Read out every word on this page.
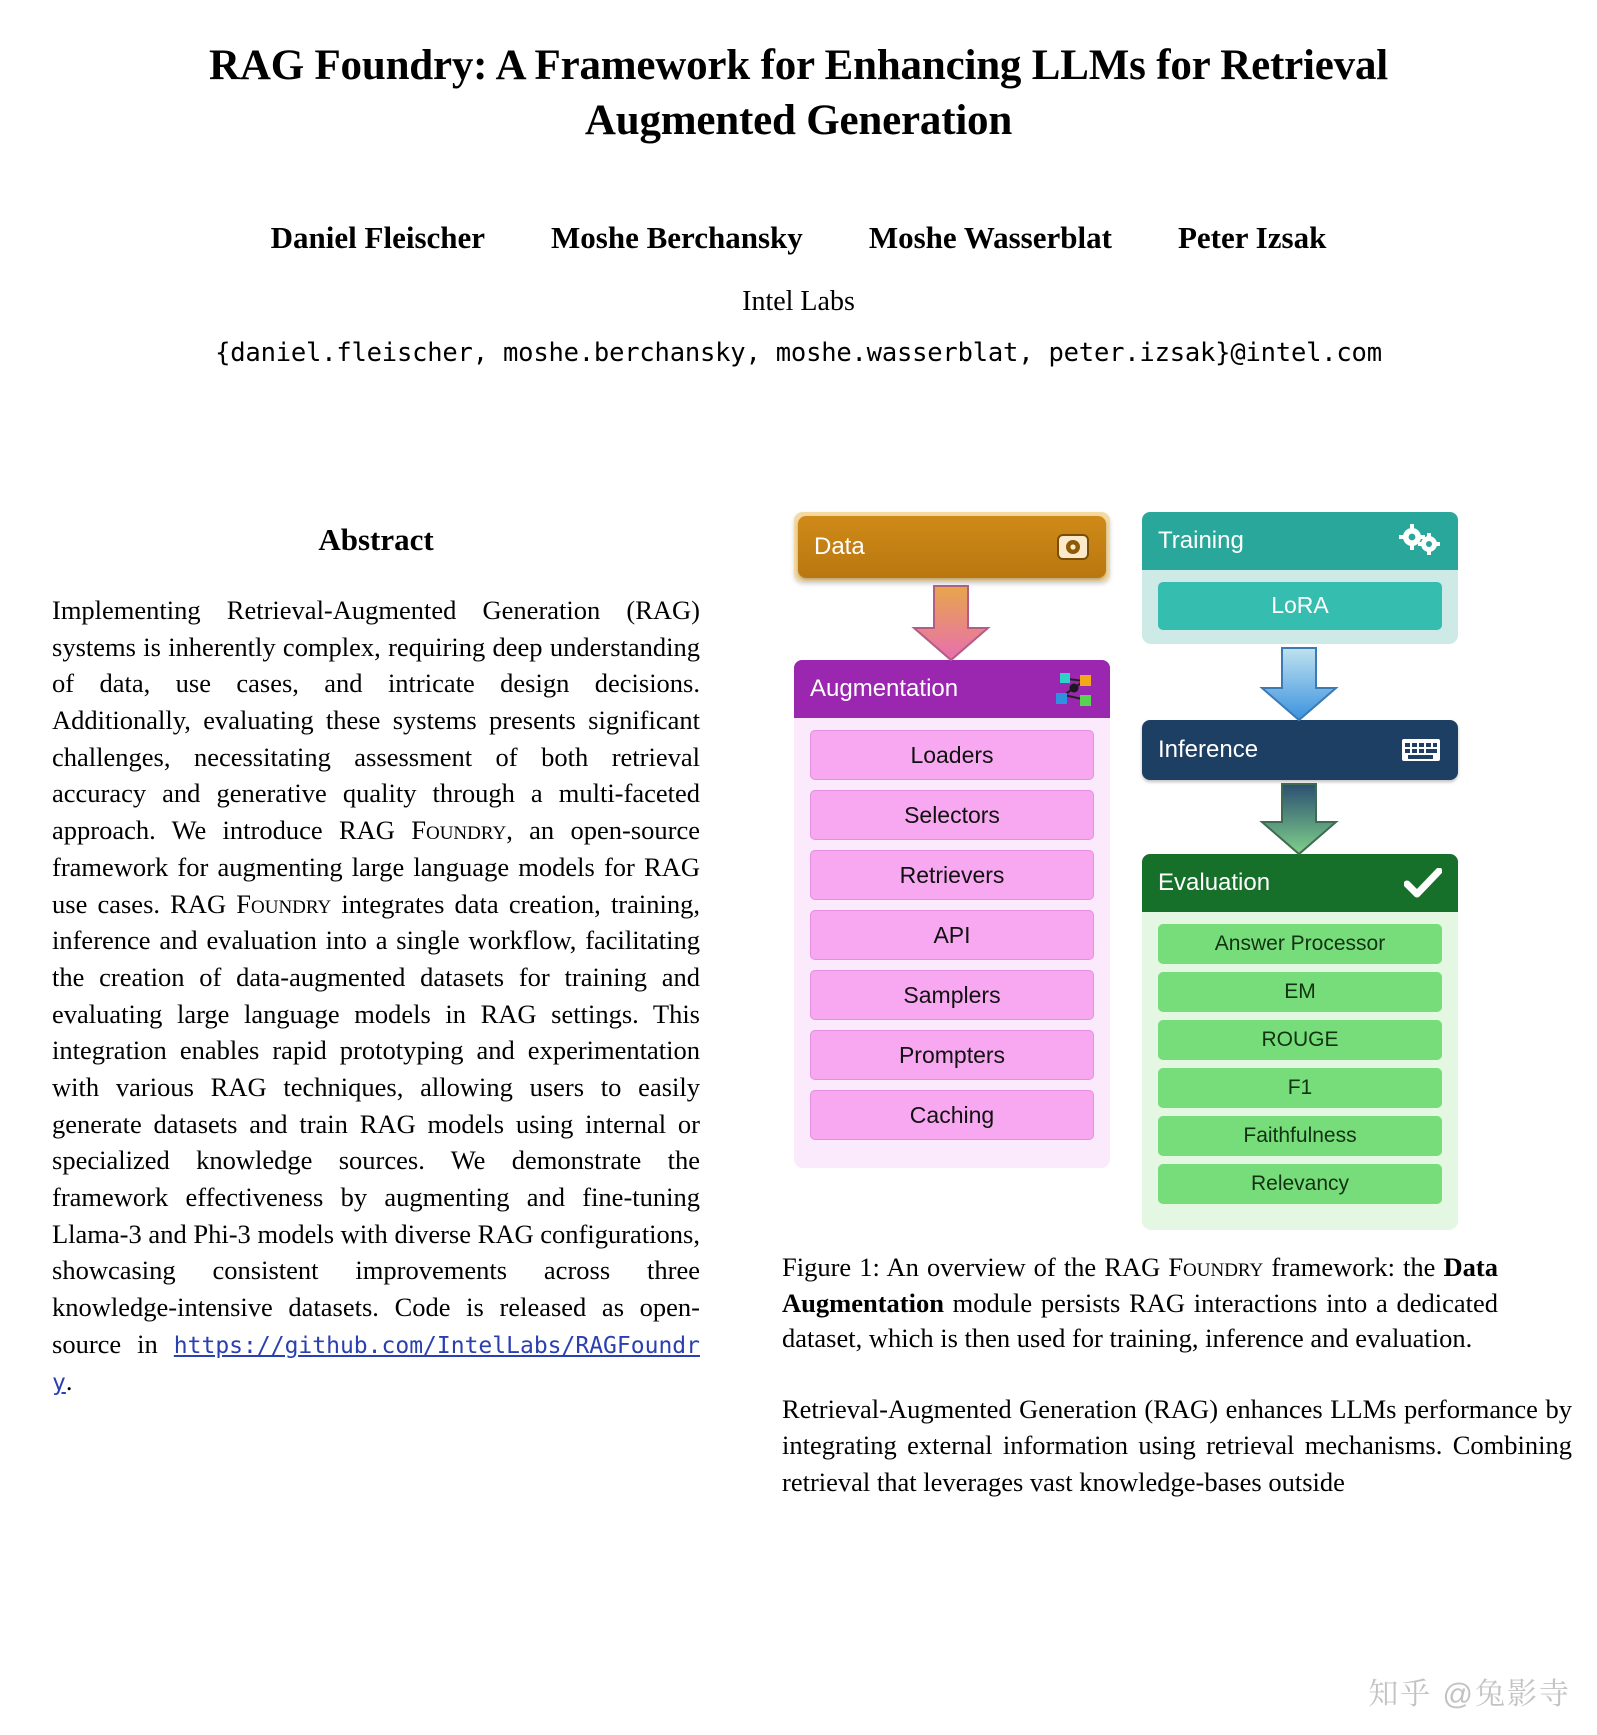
RAG Foundry: A Framework for Enhancing LLMs for Retrieval Augmented Generation
Daniel Fleischer Moshe Berchansky Moshe Wasserblat Peter Izsak
Intel Labs
{daniel.fleischer, moshe.berchansky, moshe.wasserblat, peter.izsak}@intel.com
Abstract
Implementing Retrieval-Augmented Generation (RAG) systems is inherently complex, requiring deep understanding of data, use cases, and intricate design decisions. Additionally, evaluating these systems presents significant challenges, necessitating assessment of both retrieval accuracy and generative quality through a multi-faceted approach. We introduce RAG Foundry, an open-source framework for augmenting large language models for RAG use cases. RAG Foundry integrates data creation, training, inference and evaluation into a single workflow, facilitating the creation of data-augmented datasets for training and evaluating large language models in RAG settings. This integration enables rapid prototyping and experimentation with various RAG techniques, allowing users to easily generate datasets and train RAG models using internal or specialized knowledge sources. We demonstrate the framework effectiveness by augmenting and fine-tuning Llama-3 and Phi-3 models with diverse RAG configurations, showcasing consistent improvements across three knowledge-intensive datasets. Code is released as open-source in https://github.com/IntelLabs/RAGFoundry.
Data
Augmentation
Loaders
Selectors
Retrievers
API
Samplers
Prompters
Caching
Training
LoRA
Inference
Evaluation
Answer Processor
EM
ROUGE
F1
Faithfulness
Relevancy
Figure 1: An overview of the RAG Foundry framework: the Data Augmentation module persists RAG interactions into a dedicated dataset, which is then used for training, inference and evaluation.
Retrieval-Augmented Generation (RAG) enhances LLMs performance by integrating external information using retrieval mechanisms. Combining retrieval that leverages vast knowledge-bases outside
知乎 @兔影寺
